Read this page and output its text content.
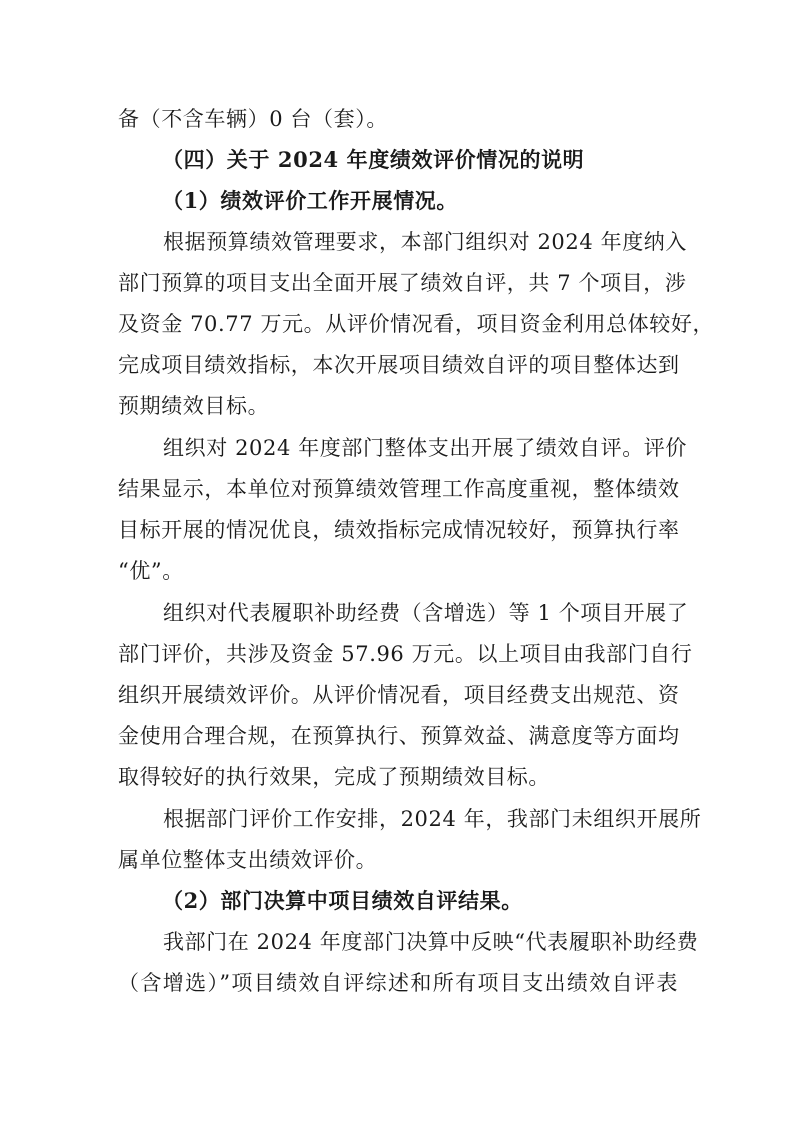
备（不含车辆）0 台（套）。
（四）关于 2024 年度绩效评价情况的说明
（1）绩效评价工作开展情况。
根据预算绩效管理要求，本部门组织对 2024 年度纳入
部门预算的项目支出全面开展了绩效自评，共 7 个项目，涉
及资金 70.77 万元。从评价情况看，项目资金利用总体较好，
完成项目绩效指标，本次开展项目绩效自评的项目整体达到
预期绩效目标。
组织对 2024 年度部门整体支出开展了绩效自评。评价
结果显示，本单位对预算绩效管理工作高度重视，整体绩效
目标开展的情况优良，绩效指标完成情况较好，预算执行率
“优”。
组织对代表履职补助经费（含增选）等 1 个项目开展了
部门评价，共涉及资金 57.96 万元。以上项目由我部门自行
组织开展绩效评价。从评价情况看，项目经费支出规范、资
金使用合理合规，在预算执行、预算效益、满意度等方面均
取得较好的执行效果，完成了预期绩效目标。
根据部门评价工作安排，2024 年，我部门未组织开展所
属单位整体支出绩效评价。
（2）部门决算中项目绩效自评结果。
我部门在 2024 年度部门决算中反映“代表履职补助经费
（含增选）”项目绩效自评综述和所有项目支出绩效自评表
